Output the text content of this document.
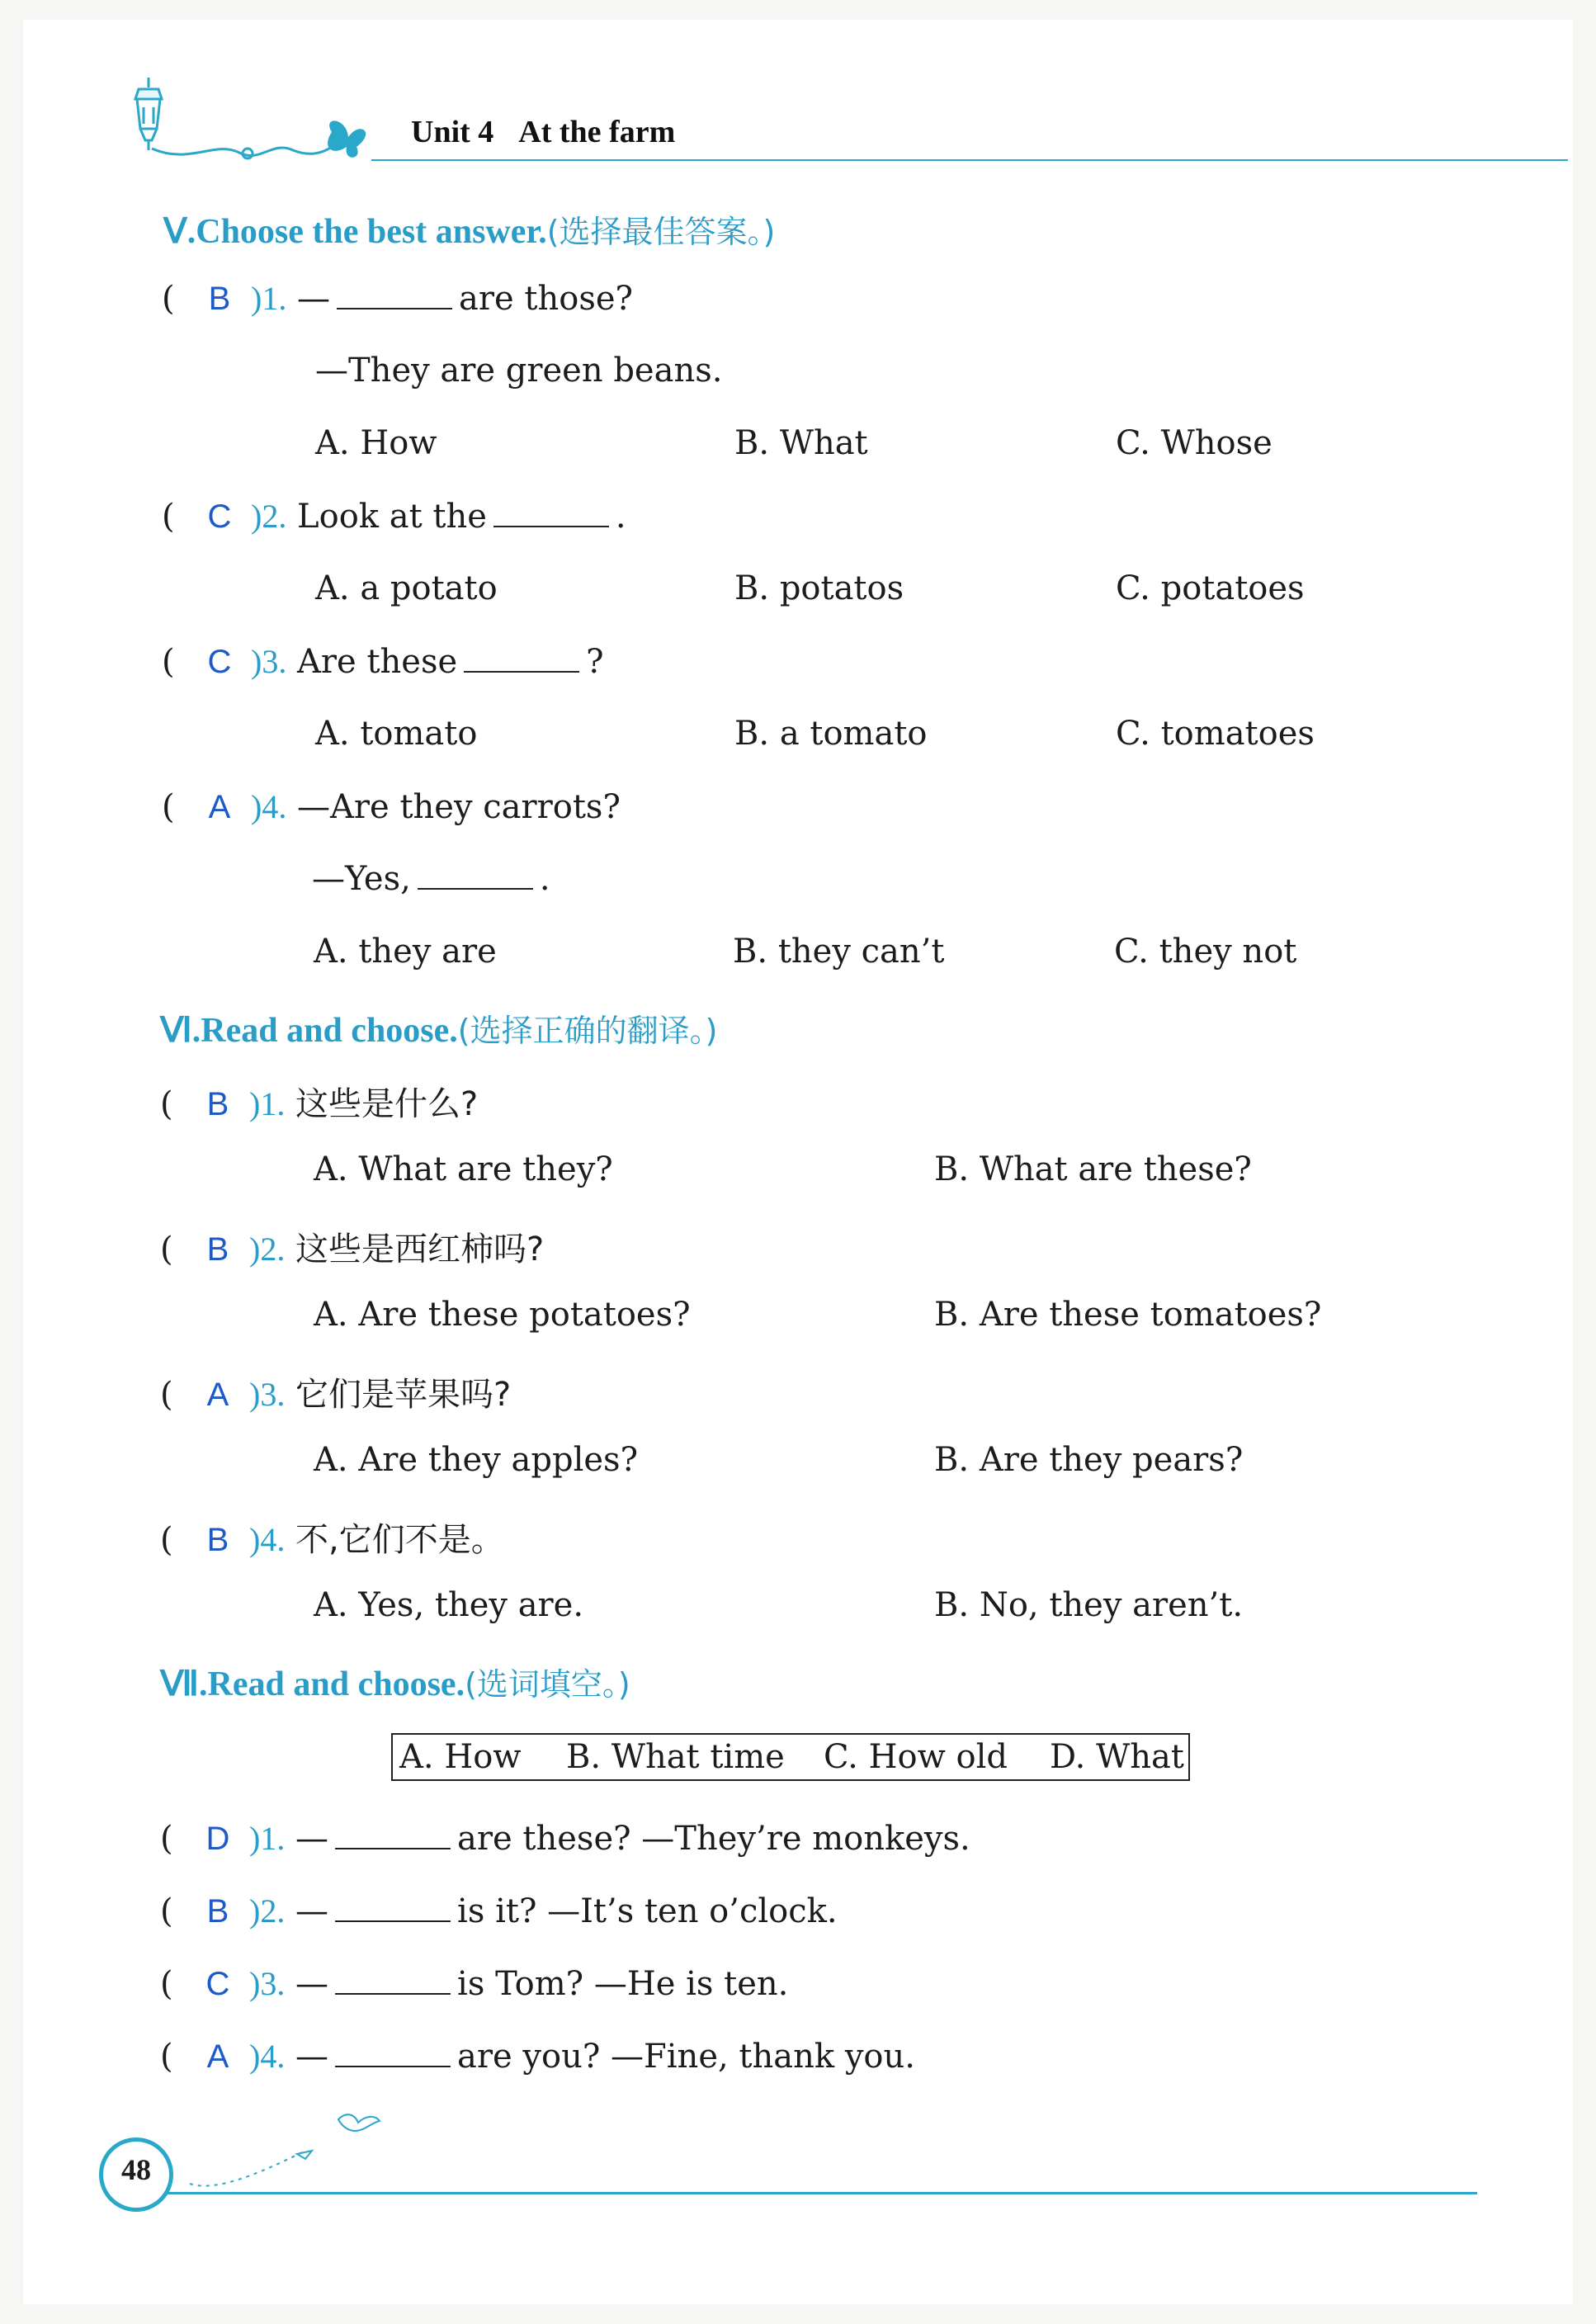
Unit 4 At the farm
Ⅴ.Choose the best answer.(选择最佳答案。)
( B )1. —	are those?
—They are green beans.
A. How	B. What	C. Whose
( C )2. Look at the	.
A. a potato	B. potatos	C. potatoes
( C )3. Are these	?
A. tomato	B. a tomato	C. tomatoes
( A )4. —Are they carrots?
—Yes,	.
A. they are	B. they can’t	C. they not
Ⅵ.Read and choose.(选择正确的翻译。)
( B )1. 这些是什么?
A. What are they?	B. What are these?
( B )2. 这些是西红柿吗?
A. Are these potatoes?	B. Are these tomatoes?
( A )3. 它们是苹果吗?
A. Are they apples?	B. Are they pears?
( B )4. 不,它们不是。
A. Yes, they are.	B. No, they aren’t.
Ⅶ.Read and choose.(选词填空。)
A. How B. What time C. How old D. What
( D )1. —	are these? —They’re monkeys.
( B )2. —	is it? —It’s ten o’clock.
( C )3. —	is Tom? —He is ten.
( A )4. —	are you? —Fine, thank you.
48
